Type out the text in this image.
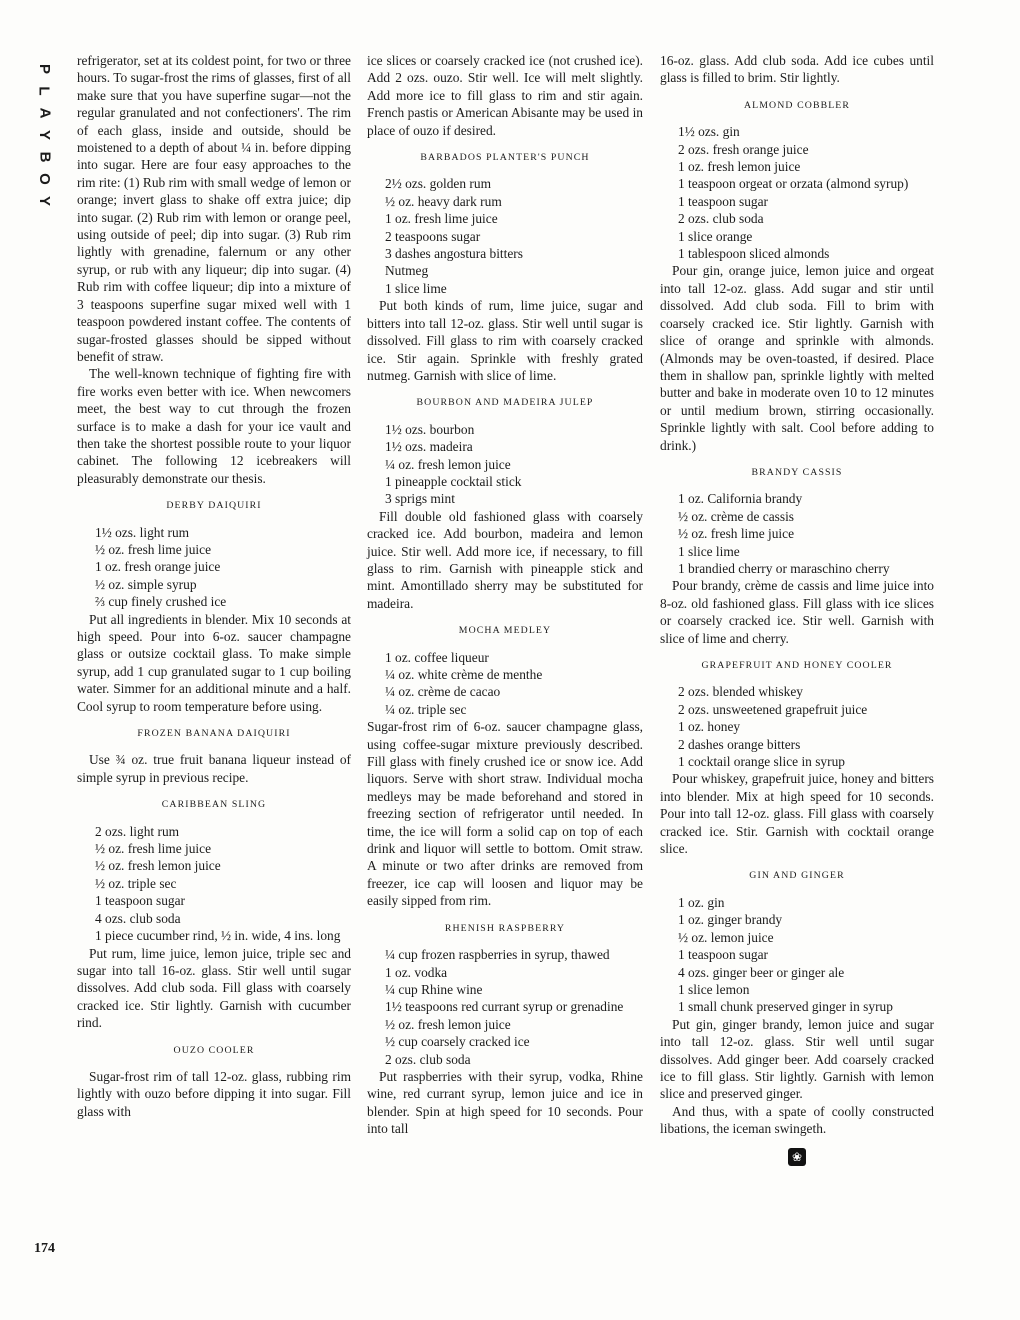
P
L
A
Y
B
O
Y

refrigerator, set at its coldest point, for two or three hours. To sugar-frost the rims of glasses, first of all make sure that you have superfine sugar—not the regular granulated and not confectioners'. The rim of each glass, inside and outside, should be moistened to a depth of about ¼ in. before dipping into sugar. Here are four easy approaches to the rim rite: (1) Rub rim with small wedge of lemon or orange; invert glass to shake off extra juice; dip into sugar. (2) Rub rim with lemon or orange peel, using outside of peel; dip into sugar. (3) Rub rim lightly with grenadine, falernum or any other syrup, or rub with any liqueur; dip into sugar. (4) Rub rim with coffee liqueur; dip into a mixture of 3 teaspoons superfine sugar mixed well with 1 teaspoon powdered instant coffee. The contents of sugar-frosted glasses should be sipped without benefit of straw.

The well-known technique of fighting fire with fire works even better with ice. When newcomers meet, the best way to cut through the frozen surface is to make a dash for your ice vault and then take the shortest possible route to your liquor cabinet. The following 12 icebreakers will pleasurably demonstrate our thesis.

DERBY DAIQUIRI
1½ ozs. light rum
½ oz. fresh lime juice
1 oz. fresh orange juice
½ oz. simple syrup
⅔ cup finely crushed ice

Put all ingredients in blender. Mix 10 seconds at high speed. Pour into 6-oz. saucer champagne glass or outsize cocktail glass. To make simple syrup, add 1 cup granulated sugar to 1 cup boiling water. Simmer for an additional minute and a half. Cool syrup to room temperature before using.

FROZEN BANANA DAIQUIRI

Use ¾ oz. true fruit banana liqueur instead of simple syrup in previous recipe.

CARIBBEAN SLING
2 ozs. light rum
½ oz. fresh lime juice
½ oz. fresh lemon juice
½ oz. triple sec
1 teaspoon sugar
4 ozs. club soda
1 piece cucumber rind, ½ in. wide, 4 ins. long

Put rum, lime juice, lemon juice, triple sec and sugar into tall 16-oz. glass. Stir well until sugar dissolves. Add club soda. Fill glass with coarsely cracked ice. Stir lightly. Garnish with cucumber rind.

OUZO COOLER

Sugar-frost rim of tall 12-oz. glass, rubbing rim lightly with ouzo before dipping it into sugar. Fill glass with

ice slices or coarsely cracked ice (not crushed ice). Add 2 ozs. ouzo. Stir well. Ice will melt slightly. Add more ice to fill glass to rim and stir again. French pastis or American Abisante may be used in place of ouzo if desired.

BARBADOS PLANTER'S PUNCH
2½ ozs. golden rum
½ oz. heavy dark rum
1 oz. fresh lime juice
2 teaspoons sugar
3 dashes angostura bitters
Nutmeg
1 slice lime

Put both kinds of rum, lime juice, sugar and bitters into tall 12-oz. glass. Stir well until sugar is dissolved. Fill glass to rim with coarsely cracked ice. Stir again. Sprinkle with freshly grated nutmeg. Garnish with slice of lime.

BOURBON AND MADEIRA JULEP
1½ ozs. bourbon
1½ ozs. madeira
¼ oz. fresh lemon juice
1 pineapple cocktail stick
3 sprigs mint

Fill double old fashioned glass with coarsely cracked ice. Add bourbon, madeira and lemon juice. Stir well. Add more ice, if necessary, to fill glass to rim. Garnish with pineapple stick and mint. Amontillado sherry may be substituted for madeira.

MOCHA MEDLEY
1 oz. coffee liqueur
¼ oz. white crème de menthe
¼ oz. crème de cacao
¼ oz. triple sec

Sugar-frost rim of 6-oz. saucer champagne glass, using coffee-sugar mixture previously described. Fill glass with finely crushed ice or snow ice. Add liquors. Serve with short straw. Individual mocha medleys may be made beforehand and stored in freezing section of refrigerator until needed. In time, the ice will form a solid cap on top of each drink and liquor will settle to bottom. Omit straw. A minute or two after drinks are removed from freezer, ice cap will loosen and liquor may be easily sipped from rim.

RHENISH RASPBERRY
¼ cup frozen raspberries in syrup, thawed
1 oz. vodka
¼ cup Rhine wine
1½ teaspoons red currant syrup or grenadine
½ oz. fresh lemon juice
½ cup coarsely cracked ice
2 ozs. club soda

Put raspberries with their syrup, vodka, Rhine wine, red currant syrup, lemon juice and ice in blender. Spin at high speed for 10 seconds. Pour into tall

16-oz. glass. Add club soda. Add ice cubes until glass is filled to brim. Stir lightly.

ALMOND COBBLER
1½ ozs. gin
2 ozs. fresh orange juice
1 oz. fresh lemon juice
1 teaspoon orgeat or orzata (almond syrup)
1 teaspoon sugar
2 ozs. club soda
1 slice orange
1 tablespoon sliced almonds

Pour gin, orange juice, lemon juice and orgeat into tall 12-oz. glass. Add sugar and stir until dissolved. Add club soda. Fill to brim with coarsely cracked ice. Stir lightly. Garnish with slice of orange and sprinkle with almonds. (Almonds may be oven-toasted, if desired. Place them in shallow pan, sprinkle lightly with melted butter and bake in moderate oven 10 to 12 minutes or until medium brown, stirring occasionally. Sprinkle lightly with salt. Cool before adding to drink.)

BRANDY CASSIS
1 oz. California brandy
½ oz. crème de cassis
½ oz. fresh lime juice
1 slice lime
1 brandied cherry or maraschino cherry

Pour brandy, crème de cassis and lime juice into 8-oz. old fashioned glass. Fill glass with ice slices or coarsely cracked ice. Stir well. Garnish with slice of lime and cherry.

GRAPEFRUIT AND HONEY COOLER
2 ozs. blended whiskey
2 ozs. unsweetened grapefruit juice
1 oz. honey
2 dashes orange bitters
1 cocktail orange slice in syrup

Pour whiskey, grapefruit juice, honey and bitters into blender. Mix at high speed for 10 seconds. Pour into tall 12-oz. glass. Fill glass with coarsely cracked ice. Stir. Garnish with cocktail orange slice.

GIN AND GINGER
1 oz. gin
1 oz. ginger brandy
½ oz. lemon juice
1 teaspoon sugar
4 ozs. ginger beer or ginger ale
1 slice lemon
1 small chunk preserved ginger in syrup

Put gin, ginger brandy, lemon juice and sugar into tall 12-oz. glass. Stir well until sugar dissolves. Add ginger beer. Add coarsely cracked ice to fill glass. Stir lightly. Garnish with lemon slice and preserved ginger.

And thus, with a spate of coolly constructed libations, the iceman swingeth.

❀
174
